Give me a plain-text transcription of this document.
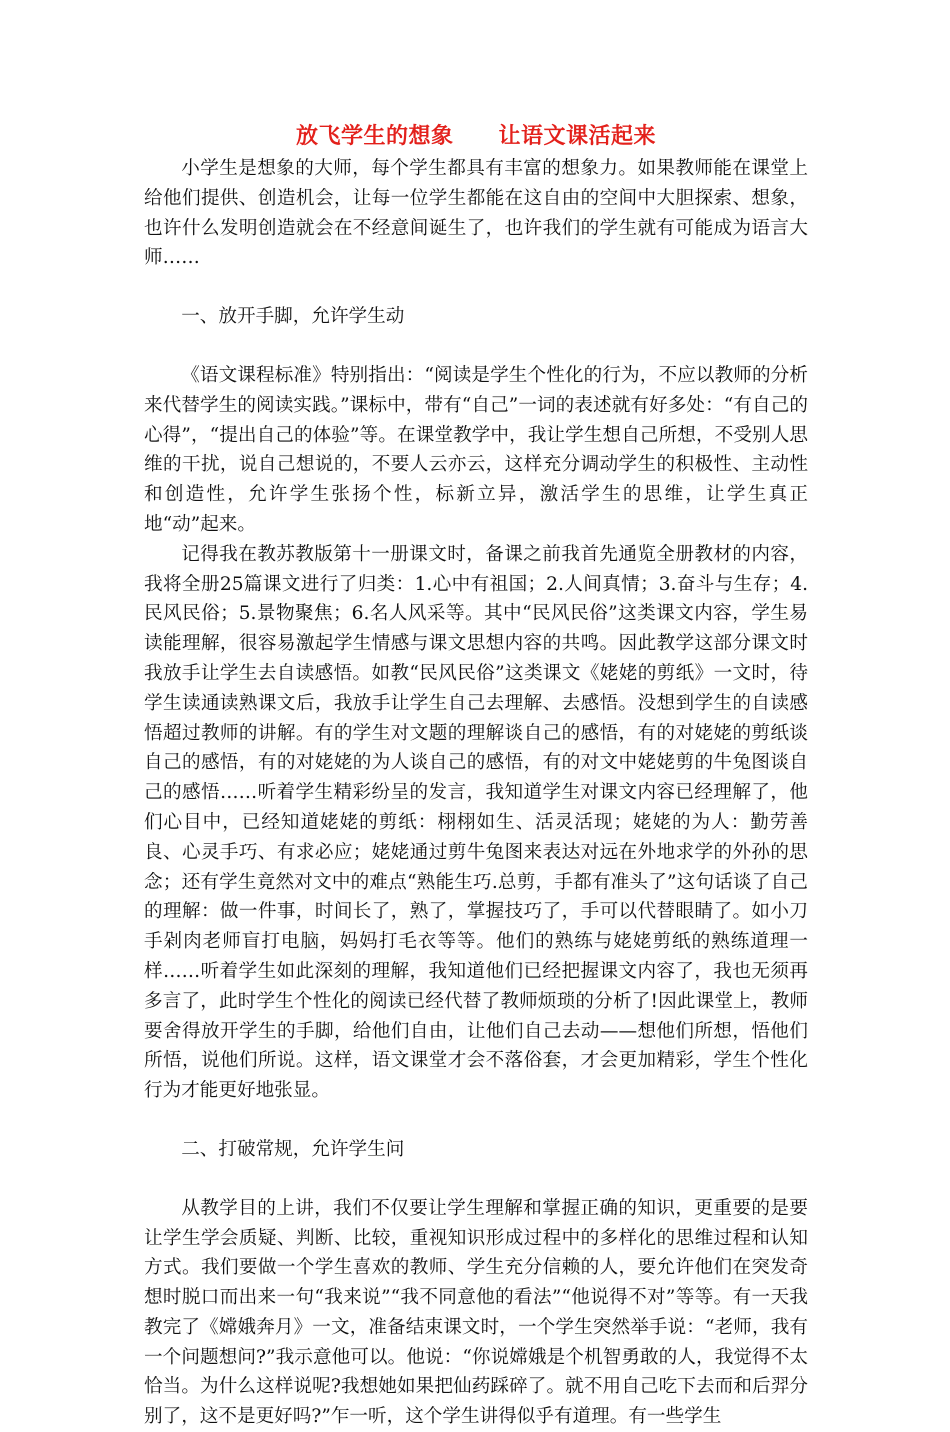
放飞学生的想象　　让语文课活起来

小学生是想象的大师，每个学生都具有丰富的想象力。如果教师能在课堂上给他们提供、创造机会，让每一位学生都能在这自由的空间中大胆探索、想象，也许什么发明创造就会在不经意间诞生了，也许我们的学生就有可能成为语言大师……

一、放开手脚，允许学生动

《语文课程标准》特别指出：“阅读是学生个性化的行为，不应以教师的分析来代替学生的阅读实践。”课标中，带有“自己”一词的表述就有好多处：“有自己的心得”，“提出自己的体验”等。在课堂教学中，我让学生想自己所想，不受别人思维的干扰，说自己想说的，不要人云亦云，这样充分调动学生的积极性、主动性和创造性，允许学生张扬个性，标新立异，激活学生的思维，让学生真正地“动”起来。

记得我在教苏教版第十一册课文时，备课之前我首先通览全册教材的内容，我将全册25篇课文进行了归类：1.心中有祖国；2.人间真情；3.奋斗与生存；4.民风民俗；5.景物聚焦；6.名人风采等。其中“民风民俗”这类课文内容，学生易读能理解，很容易激起学生情感与课文思想内容的共鸣。因此教学这部分课文时我放手让学生去自读感悟。如教“民风民俗”这类课文《姥姥的剪纸》一文时，待学生读通读熟课文后，我放手让学生自己去理解、去感悟。没想到学生的自读感悟超过教师的讲解。有的学生对文题的理解谈自己的感悟，有的对姥姥的剪纸谈自己的感悟，有的对姥姥的为人谈自己的感悟，有的对文中姥姥剪的牛兔图谈自己的感悟……听着学生精彩纷呈的发言，我知道学生对课文内容已经理解了，他们心目中，已经知道姥姥的剪纸：栩栩如生、活灵活现；姥姥的为人：勤劳善良、心灵手巧、有求必应；姥姥通过剪牛兔图来表达对远在外地求学的外孙的思念；还有学生竟然对文中的难点“熟能生巧.总剪，手都有准头了”这句话谈了自己的理解：做一件事，时间长了，熟了，掌握技巧了，手可以代替眼睛了。如小刀手剁肉老师盲打电脑，妈妈打毛衣等等。他们的熟练与姥姥剪纸的熟练道理一样……听着学生如此深刻的理解，我知道他们已经把握课文内容了，我也无须再多言了，此时学生个性化的阅读已经代替了教师烦琐的分析了!因此课堂上，教师要舍得放开学生的手脚，给他们自由，让他们自己去动——想他们所想，悟他们所悟，说他们所说。这样，语文课堂才会不落俗套，才会更加精彩，学生个性化行为才能更好地张显。

二、打破常规，允许学生问

从教学目的上讲，我们不仅要让学生理解和掌握正确的知识，更重要的是要让学生学会质疑、判断、比较，重视知识形成过程中的多样化的思维过程和认知方式。我们要做一个学生喜欢的教师、学生充分信赖的人，要允许他们在突发奇想时脱口而出来一句“我来说”“我不同意他的看法”“他说得不对”等等。有一天我教完了《嫦娥奔月》一文，准备结束课文时，一个学生突然举手说：“老师，我有一个问题想问?”我示意他可以。他说：“你说嫦娥是个机智勇敢的人，我觉得不太恰当。为什么这样说呢?我想她如果把仙药踩碎了。就不用自己吃下去而和后羿分别了，这不是更好吗?”乍一听，这个学生讲得似乎有道理。有一些学生
